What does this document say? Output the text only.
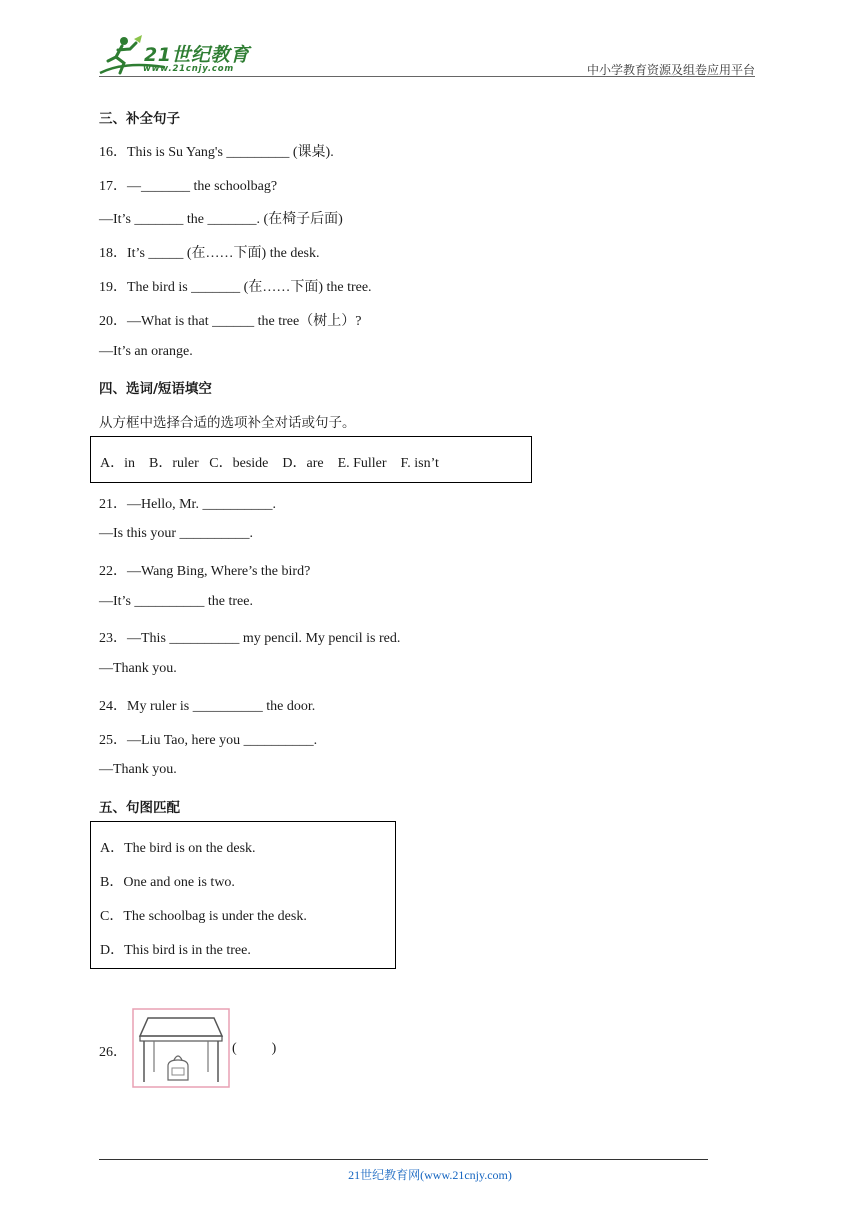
21世纪教育
www.21cnjy.com	中小学教育资源及组卷应用平台
三、补全句子
16．This is Su Yang's _________ (课桌).
17．—_______ the schoolbag?
—It’s _______ the _______. (在椅子后面)
18．It’s _____ (在……下面) the desk.
19．The bird is _______ (在……下面) the tree.
20．—What is that ______ the tree（树上）?
—It’s an orange.
四、选词/短语填空
从方框中选择合适的选项补全对话或句子。
A．in    B．ruler   C．beside    D．are    E. Fuller    F. isn’t
21．—Hello, Mr. __________.
—Is this your __________.
22．—Wang Bing, Where’s the bird?
—It’s __________ the tree.
23．—This __________ my pencil. My pencil is red.
—Thank you.
24．My ruler is __________ the door.
25．—Liu Tao, here you __________.
—Thank you.
五、句图匹配
A．The bird is on the desk.
B．One and one is two.
C．The schoolbag is under the desk.
D．This bird is in the tree.
26．	(          )
21世纪教育网(www.21cnjy.com)
